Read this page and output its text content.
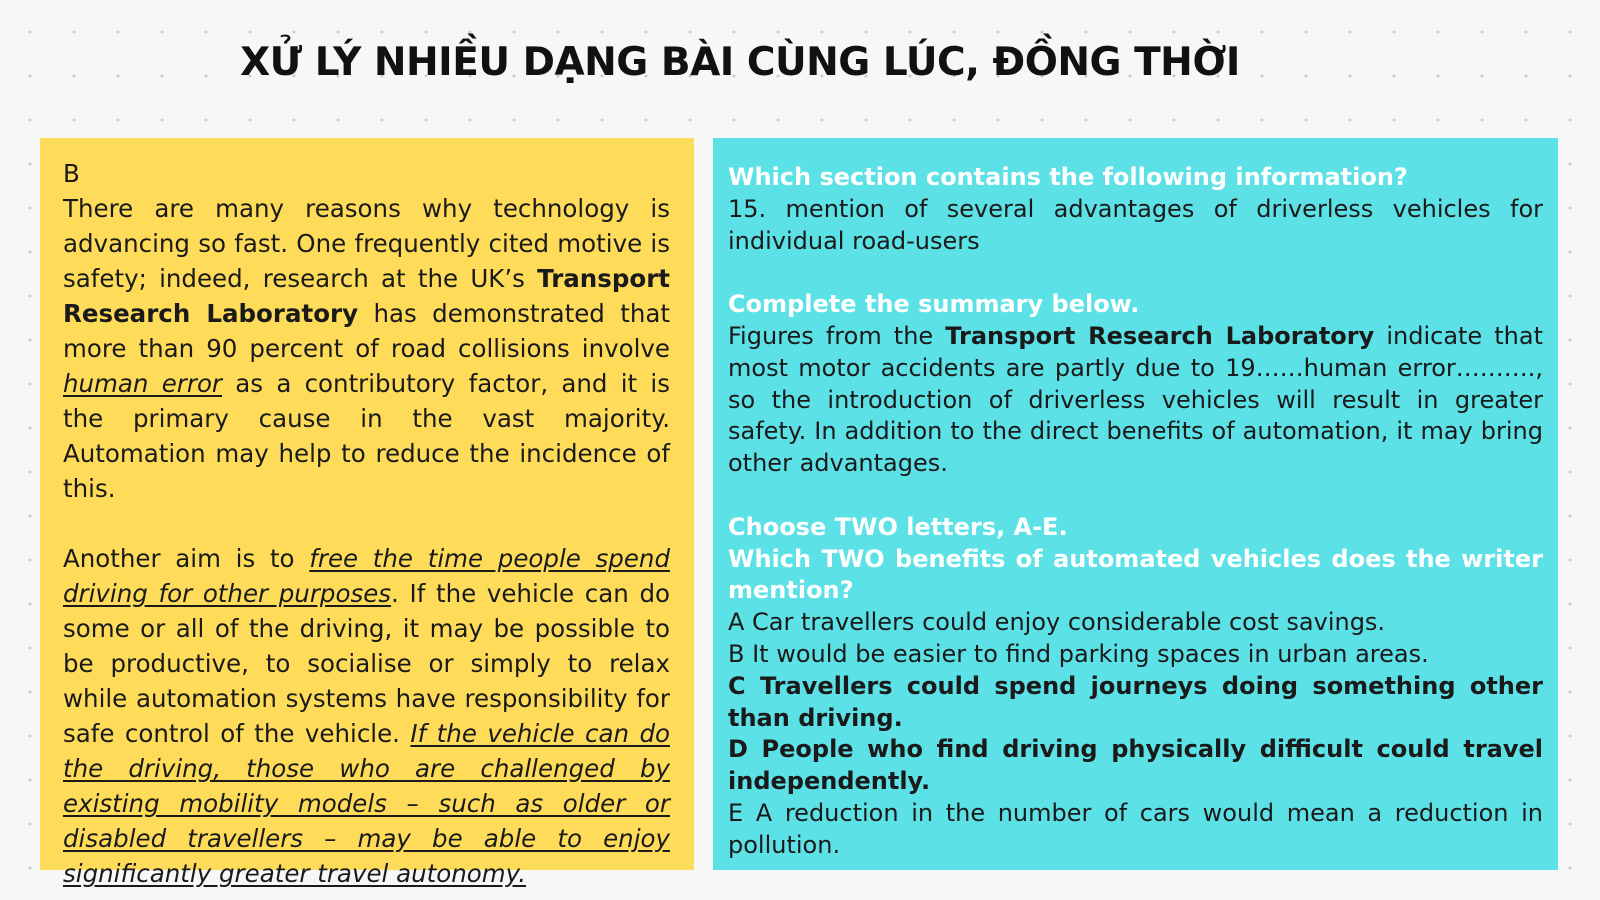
XỬ LÝ NHIỀU DẠNG BÀI CÙNG LÚC, ĐỒNG THỜI

B

There are many reasons why technology is advancing so fast. One frequently cited motive is safety; indeed, research at the UK’s Transport Research Laboratory has demonstrated that more than 90 percent of road collisions involve human error as a contributory factor, and it is the primary cause in the vast majority. Automation may help to reduce the incidence of this.

Another aim is to free the time people spend driving for other purposes. If the vehicle can do some or all of the driving, it may be possible to be productive, to socialise or simply to relax while automation systems have responsibility for safe control of the vehicle. If the vehicle can do the driving, those who are challenged by existing mobility models – such as older or disabled travellers – may be able to enjoy significantly greater travel autonomy.

Which section contains the following information?

15. mention of several advantages of driverless vehicles for individual road-users

Complete the summary below.

Figures from the Transport Research Laboratory indicate that most motor accidents are partly due to 19……human error………., so the introduction of driverless vehicles will result in greater safety. In addition to the direct benefits of automation, it may bring other advantages.

Choose TWO letters, A-E.

Which TWO benefits of automated vehicles does the writer mention?

A Car travellers could enjoy considerable cost savings.

B It would be easier to find parking spaces in urban areas.

C Travellers could spend journeys doing something other than driving.

D People who find driving physically difficult could travel independently.

E A reduction in the number of cars would mean a reduction in pollution.
